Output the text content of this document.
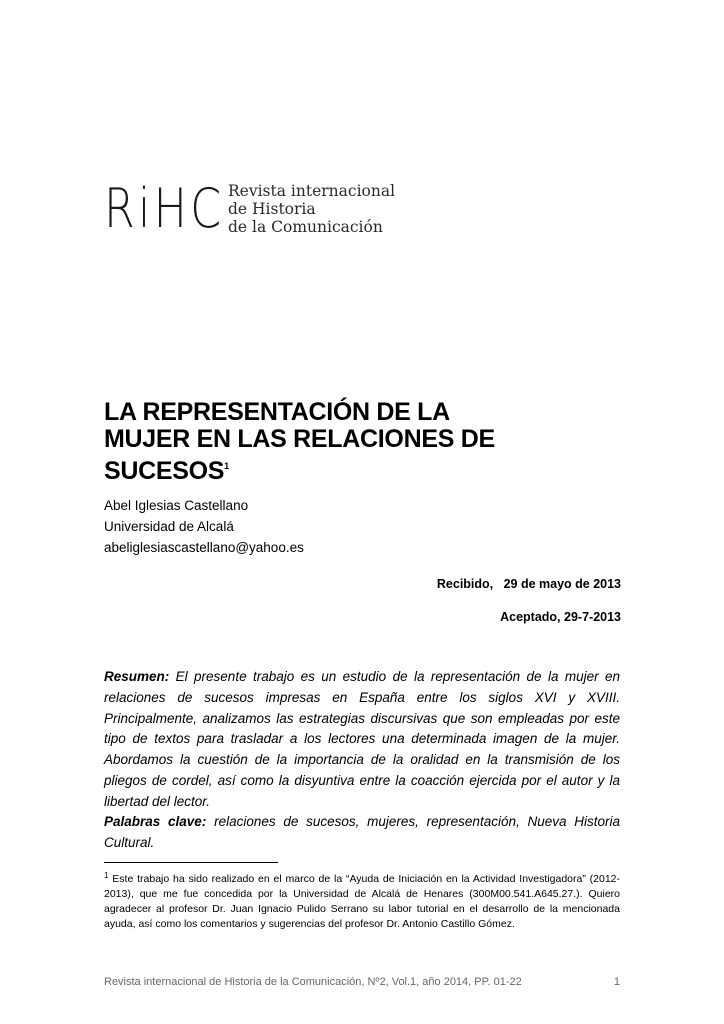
RiHC Revista internacional
de Historia
de la Comunicación
LA REPRESENTACIÓN DE LA MUJER EN LAS RELACIONES DE SUCESOS$^1$
Abel Iglesias Castellano
Universidad de Alcalá
abeliglesiascastellano@yahoo.es
Recibido,   29 de mayo de 2013
Aceptado, 29-7-2013

Resumen: El presente trabajo es un estudio de la representación de la mujer en relaciones de sucesos impresas en España entre los siglos XVI y XVIII. Principalmente, analizamos las estrategias discursivas que son empleadas por este tipo de textos para trasladar a los lectores una determinada imagen de la mujer. Abordamos la cuestión de la importancia de la oralidad en la transmisión de los pliegos de cordel, así como la disyuntiva entre la coacción ejercida por el autor y la libertad del lector.

Palabras clave: relaciones de sucesos, mujeres, representación, Nueva Historia Cultural.

$^1$ Este trabajo ha sido realizado en el marco de la “Ayuda de Iniciación en la Actividad Investigadora” (2012-2013), que me fue concedida por la Universidad de Alcalá de Henares (300M00.541.A645.27.). Quiero agradecer al profesor Dr. Juan Ignacio Pulido Serrano su labor tutorial en el desarrollo de la mencionada ayuda, así como los comentarios y sugerencias del profesor Dr. Antonio Castillo Gómez.

Revista internacional de Historia de la Comunicación, Nº2, Vol.1, año 2014, PP. 01-22	1
